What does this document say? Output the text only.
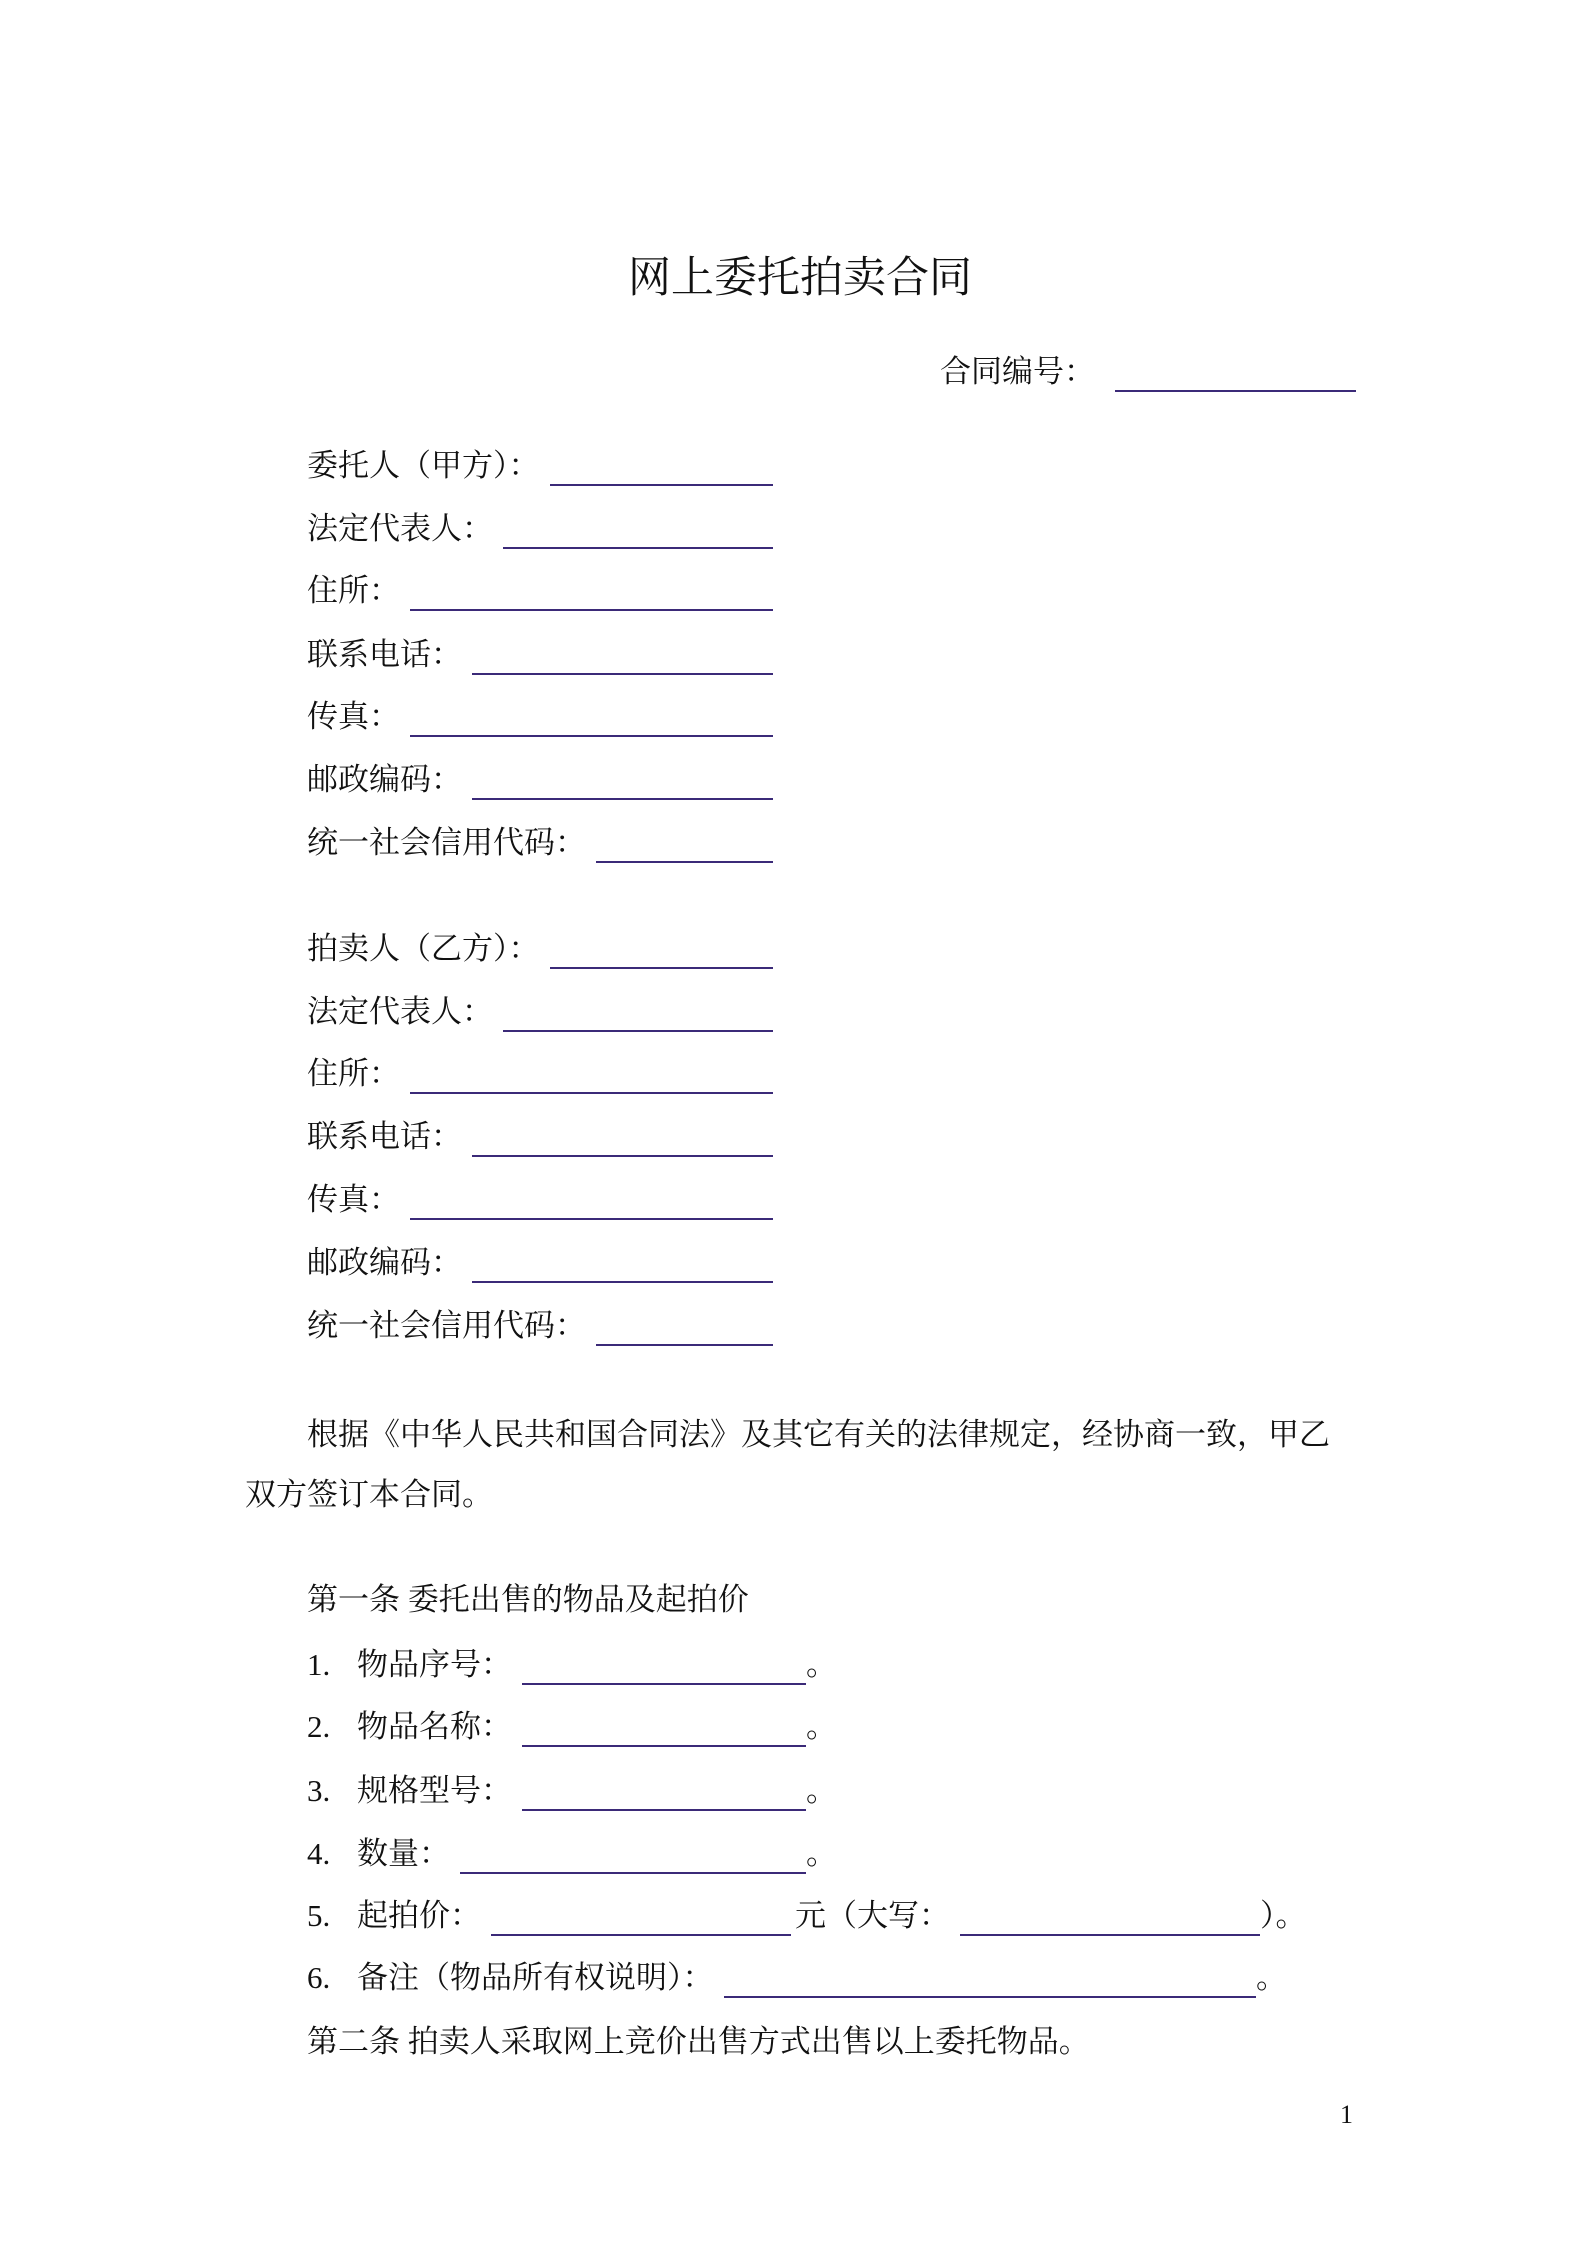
网上委托拍卖合同
合同编号：
委托人（甲方）：
法定代表人：
住所：
联系电话：
传真：
邮政编码：
统一社会信用代码：
拍卖人（乙方）：
法定代表人：
住所：
联系电话：
传真：
邮政编码：
统一社会信用代码：
根据《中华人民共和国合同法》及其它有关的法律规定，经协商一致，甲乙双方签订本合同。
第一条 委托出售的物品及起拍价
1. 物品序号：	。
2. 物品名称：	。
3. 规格型号：	。
4. 数量：	。
5. 起拍价：	元（大写：	）。
6. 备注（物品所有权说明）：	。
第二条 拍卖人采取网上竞价出售方式出售以上委托物品。
1
